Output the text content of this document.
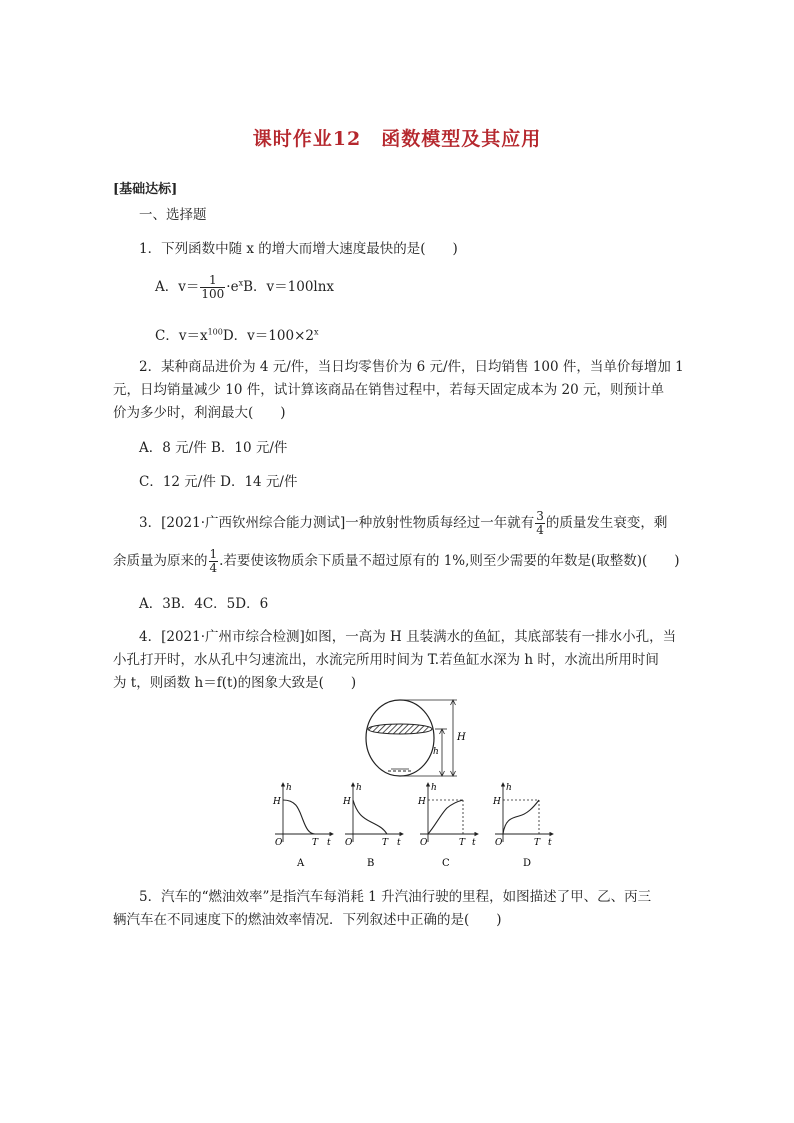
课时作业12　函数模型及其应用
[基础达标]
一、选择题
1．下列函数中随 x 的增大而增大速度最快的是(　　)
A．$v= \frac{1}{100} \cdot e^xB$．v＝100lnx
C．$v=x^{100}D$．$v=100\times 2^x$
2．某种商品进价为 4 元/件，当日均零售价为 6 元/件，日均销售 100 件，当单价每增加 1
元，日均销量减少 10 件，试计算该商品在销售过程中，若每天固定成本为 20 元，则预计单
价为多少时，利润最大(　　)
A．8 元/件 B．10 元/件
C．12 元/件 D．14 元/件
3．[2021·广西钦州综合能力测试]一种放射性物质每经过一年就有 $\frac{3}{4}$ 的质量发生衰变，剩
余质量为原来的 $\frac{1}{4}$ .若要使该物质余下质量不超过原有的 1%,则至少需要的年数是(取整数)(　　)
A．3B．4C．5D．6
4．[2021·广州市综合检测]如图，一高为 H 且装满水的鱼缸，其底部装有一排水小孔，当
小孔打开时，水从孔中匀速流出，水流完所用时间为 T.若鱼缸水深为 h 时，水流出所用时间
为 t，则函数 h＝f(t)的图象大致是(　　)
H
h
h
H
O	T t
A
h
H
O	T t
B
h
H
O	T t
C
h
H
O	T t
D
5．汽车的“燃油效率”是指汽车每消耗 1 升汽油行驶的里程，如图描述了甲、乙、丙三
辆汽车在不同速度下的燃油效率情况．下列叙述中正确的是(　　)
